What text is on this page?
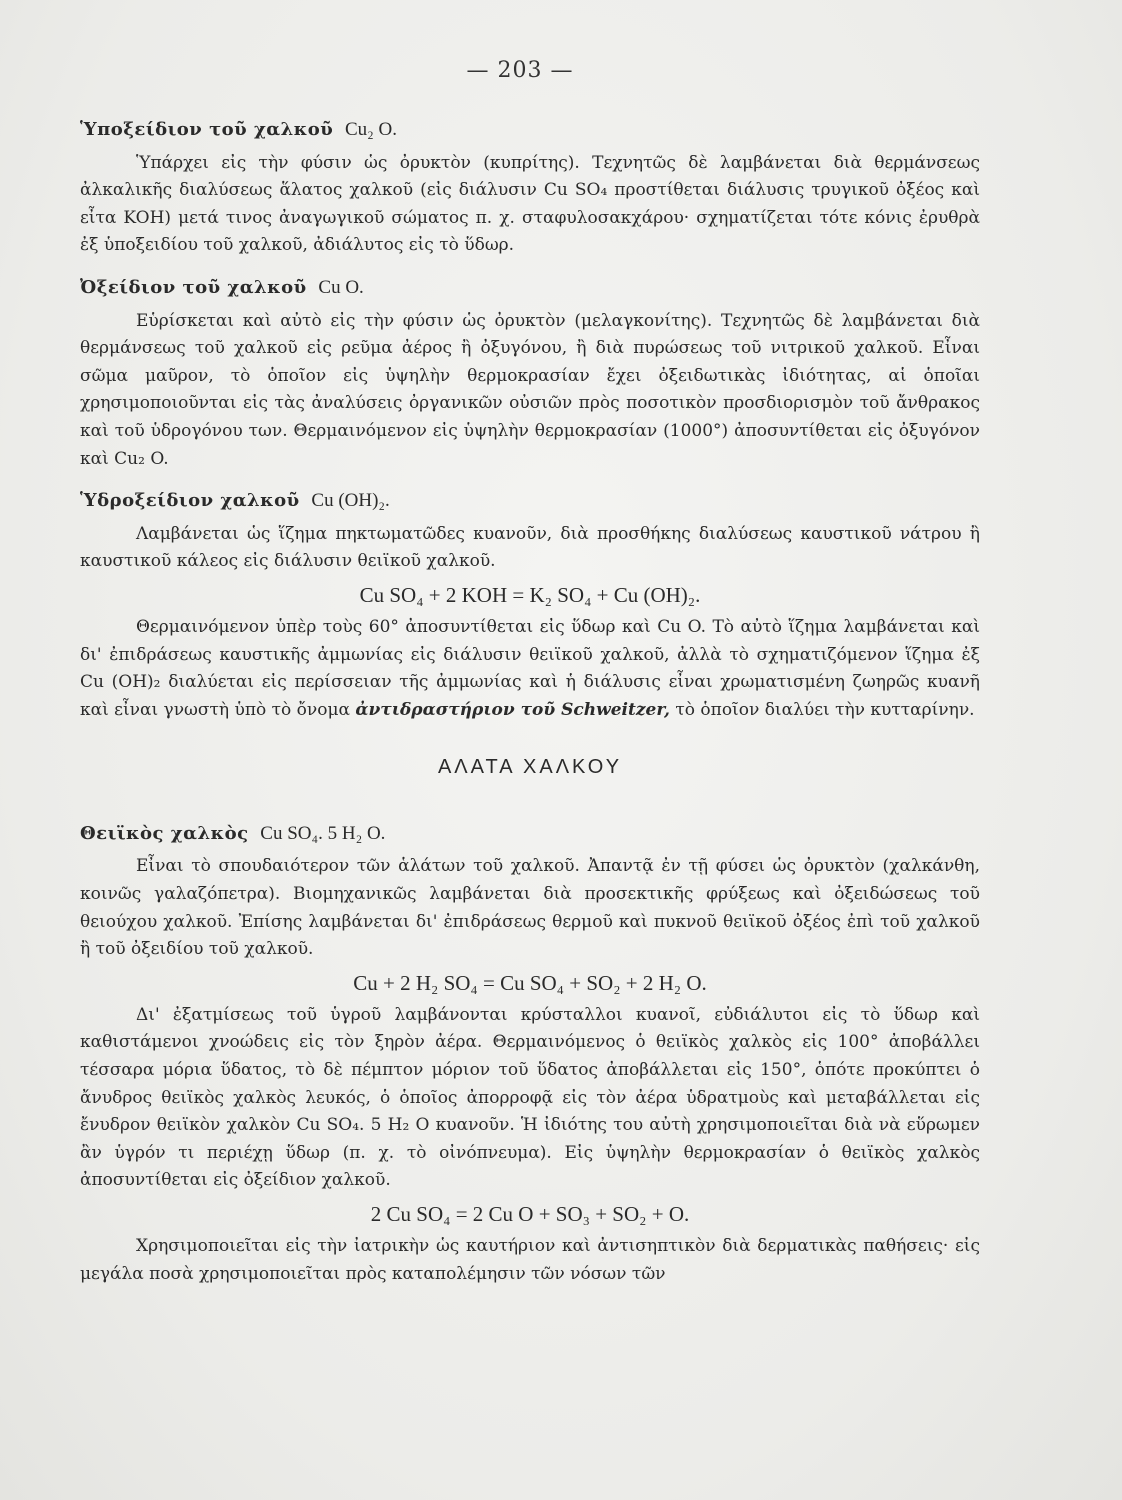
— 203 —
Ὑποξείδιον τοῦ χαλκοῦ Cu₂ O.

Ὑπάρχει εἰς τὴν φύσιν ὡς ὀρυκτὸν (κυπρίτης). Τεχνητῶς δὲ λαμβάνεται διὰ θερμάνσεως ἀλκαλικῆς διαλύσεως ἅλατος χαλκοῦ (εἰς διάλυσιν Cu SO₄ προστίθεται διάλυσις τρυγικοῦ ὀξέος καὶ εἶτα KOH) μετά τινος ἀναγωγικοῦ σώματος π. χ. σταφυλοσακχάρου· σχηματίζεται τότε κόνις ἐρυθρὰ ἐξ ὑποξειδίου τοῦ χαλκοῦ, ἀδιάλυτος εἰς τὸ ὕδωρ.

Ὀξείδιον τοῦ χαλκοῦ Cu O.

Εὑρίσκεται καὶ αὐτὸ εἰς τὴν φύσιν ὡς ὀρυκτὸν (μελαγκονίτης). Τεχνητῶς δὲ λαμβάνεται διὰ θερμάνσεως τοῦ χαλκοῦ εἰς ρεῦμα ἀέρος ἢ ὀξυγόνου, ἢ διὰ πυρώσεως τοῦ νιτρικοῦ χαλκοῦ. Εἶναι σῶμα μαῦρον, τὸ ὁποῖον εἰς ὑψηλὴν θερμοκρασίαν ἔχει ὀξειδωτικὰς ἰδιότητας, αἱ ὁποῖαι χρησιμοποιοῦνται εἰς τὰς ἀναλύσεις ὀργανικῶν οὐσιῶν πρὸς ποσοτικὸν προσδιορισμὸν τοῦ ἄνθρακος καὶ τοῦ ὑδρογόνου των. Θερμαινόμενον εἰς ὑψηλὴν θερμοκρασίαν (1000°) ἀποσυντίθεται εἰς ὀξυγόνον καὶ Cu₂ O.

Ὑδροξείδιον χαλκοῦ Cu (OH)₂.

Λαμβάνεται ὡς ἵζημα πηκτωματῶδες κυανοῦν, διὰ προσθήκης διαλύσεως καυστικοῦ νάτρου ἢ καυστικοῦ κάλεος εἰς διάλυσιν θειϊκοῦ χαλκοῦ.

Cu SO₄ + 2 KOH = K₂ SO₄ + Cu (OH)₂.

Θερμαινόμενον ὑπὲρ τοὺς 60° ἀποσυντίθεται εἰς ὕδωρ καὶ Cu O. Τὸ αὐτὸ ἵζημα λαμβάνεται καὶ δι' ἐπιδράσεως καυστικῆς ἀμμωνίας εἰς διάλυσιν θειϊκοῦ χαλκοῦ, ἀλλὰ τὸ σχηματιζόμενον ἵζημα ἐξ Cu (OH)₂ διαλύεται εἰς περίσσειαν τῆς ἀμμωνίας καὶ ἡ διάλυσις εἶναι χρωματισμένη ζωηρῶς κυανῆ καὶ εἶναι γνωστὴ ὑπὸ τὸ ὄνομα ἀντιδραστήριον τοῦ Schweitzer, τὸ ὁποῖον διαλύει τὴν κυτταρίνην.

ΑΛΑΤΑ ΧΑΛΚΟΥ
Θειϊκὸς χαλκὸς Cu SO₄. 5 H₂ O.

Εἶναι τὸ σπουδαιότερον τῶν ἁλάτων τοῦ χαλκοῦ. Ἀπαντᾷ ἐν τῇ φύσει ὡς ὀρυκτὸν (χαλκάνθη, κοινῶς γαλαζόπετρα). Βιομηχανικῶς λαμβάνεται διὰ προσεκτικῆς φρύξεως καὶ ὀξειδώσεως τοῦ θειούχου χαλκοῦ. Ἐπίσης λαμβάνεται δι' ἐπιδράσεως θερμοῦ καὶ πυκνοῦ θειϊκοῦ ὀξέος ἐπὶ τοῦ χαλκοῦ ἢ τοῦ ὀξειδίου τοῦ χαλκοῦ.

Cu + 2 H₂ SO₄ = Cu SO₄ + SO₂ + 2 H₂ O.

Δι' ἐξατμίσεως τοῦ ὑγροῦ λαμβάνονται κρύσταλλοι κυανοῖ, εὐδιάλυτοι εἰς τὸ ὕδωρ καὶ καθιστάμενοι χνοώδεις εἰς τὸν ξηρὸν ἀέρα. Θερμαινόμενος ὁ θειϊκὸς χαλκὸς εἰς 100° ἀποβάλλει τέσσαρα μόρια ὕδατος, τὸ δὲ πέμπτον μόριον τοῦ ὕδατος ἀποβάλλεται εἰς 150°, ὁπότε προκύπτει ὁ ἄνυδρος θειϊκὸς χαλκὸς λευκός, ὁ ὁποῖος ἀπορροφᾷ εἰς τὸν ἀέρα ὑδρατμοὺς καὶ μεταβάλλεται εἰς ἔνυδρον θειϊκὸν χαλκὸν Cu SO₄. 5 H₂ O κυανοῦν. Ἡ ἰδιότης του αὐτὴ χρησιμοποιεῖται διὰ νὰ εὕρωμεν ἂν ὑγρόν τι περιέχῃ ὕδωρ (π. χ. τὸ οἰνόπνευμα). Εἰς ὑψηλὴν θερμοκρασίαν ὁ θειϊκὸς χαλκὸς ἀποσυντίθεται εἰς ὀξείδιον χαλκοῦ.

2 Cu SO₄ = 2 Cu O + SO₃ + SO₂ + O.

Χρησιμοποιεῖται εἰς τὴν ἰατρικὴν ὡς καυτήριον καὶ ἀντισηπτικὸν διὰ δερματικὰς παθήσεις· εἰς μεγάλα ποσὰ χρησιμοποιεῖται πρὸς καταπολέμησιν τῶν νόσων τῶν
